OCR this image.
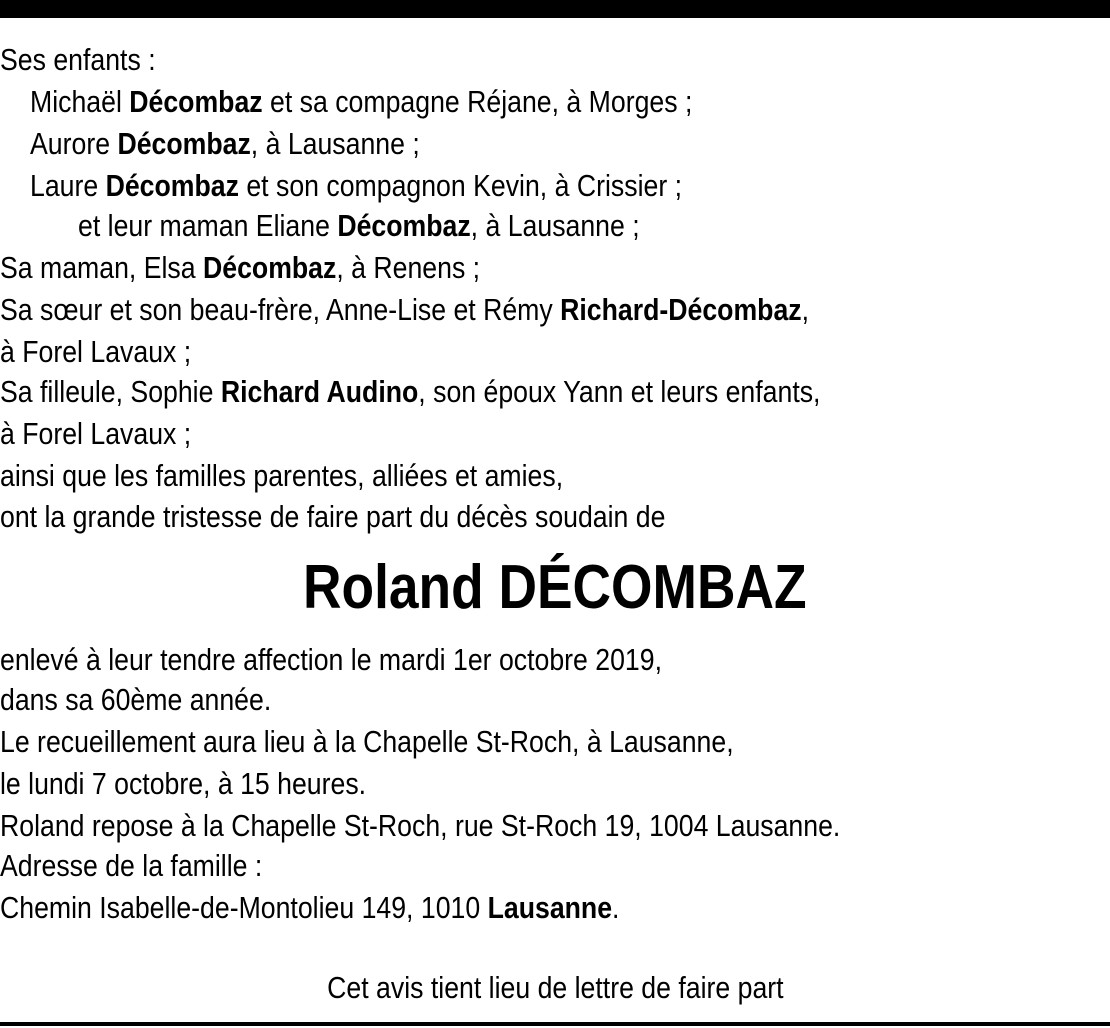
Ses enfants :
Michaël Décombaz et sa compagne Réjane, à Morges ;
Aurore Décombaz, à Lausanne ;
Laure Décombaz et son compagnon Kevin, à Crissier ;
et leur maman Eliane Décombaz, à Lausanne ;
Sa maman, Elsa Décombaz, à Renens ;
Sa sœur et son beau-frère, Anne-Lise et Rémy Richard-Décombaz,
à Forel Lavaux ;
Sa filleule, Sophie Richard Audino, son époux Yann et leurs enfants,
à Forel Lavaux ;
ainsi que les familles parentes, alliées et amies,
ont la grande tristesse de faire part du décès soudain de
Roland DÉCOMBAZ
enlevé à leur tendre affection le mardi 1er octobre 2019,
dans sa 60ème année.
Le recueillement aura lieu à la Chapelle St-Roch, à Lausanne,
le lundi 7 octobre, à 15 heures.
Roland repose à la Chapelle St-Roch, rue St-Roch 19, 1004 Lausanne.
Adresse de la famille :
Chemin Isabelle-de-Montolieu 149, 1010 Lausanne.
Cet avis tient lieu de lettre de faire part
